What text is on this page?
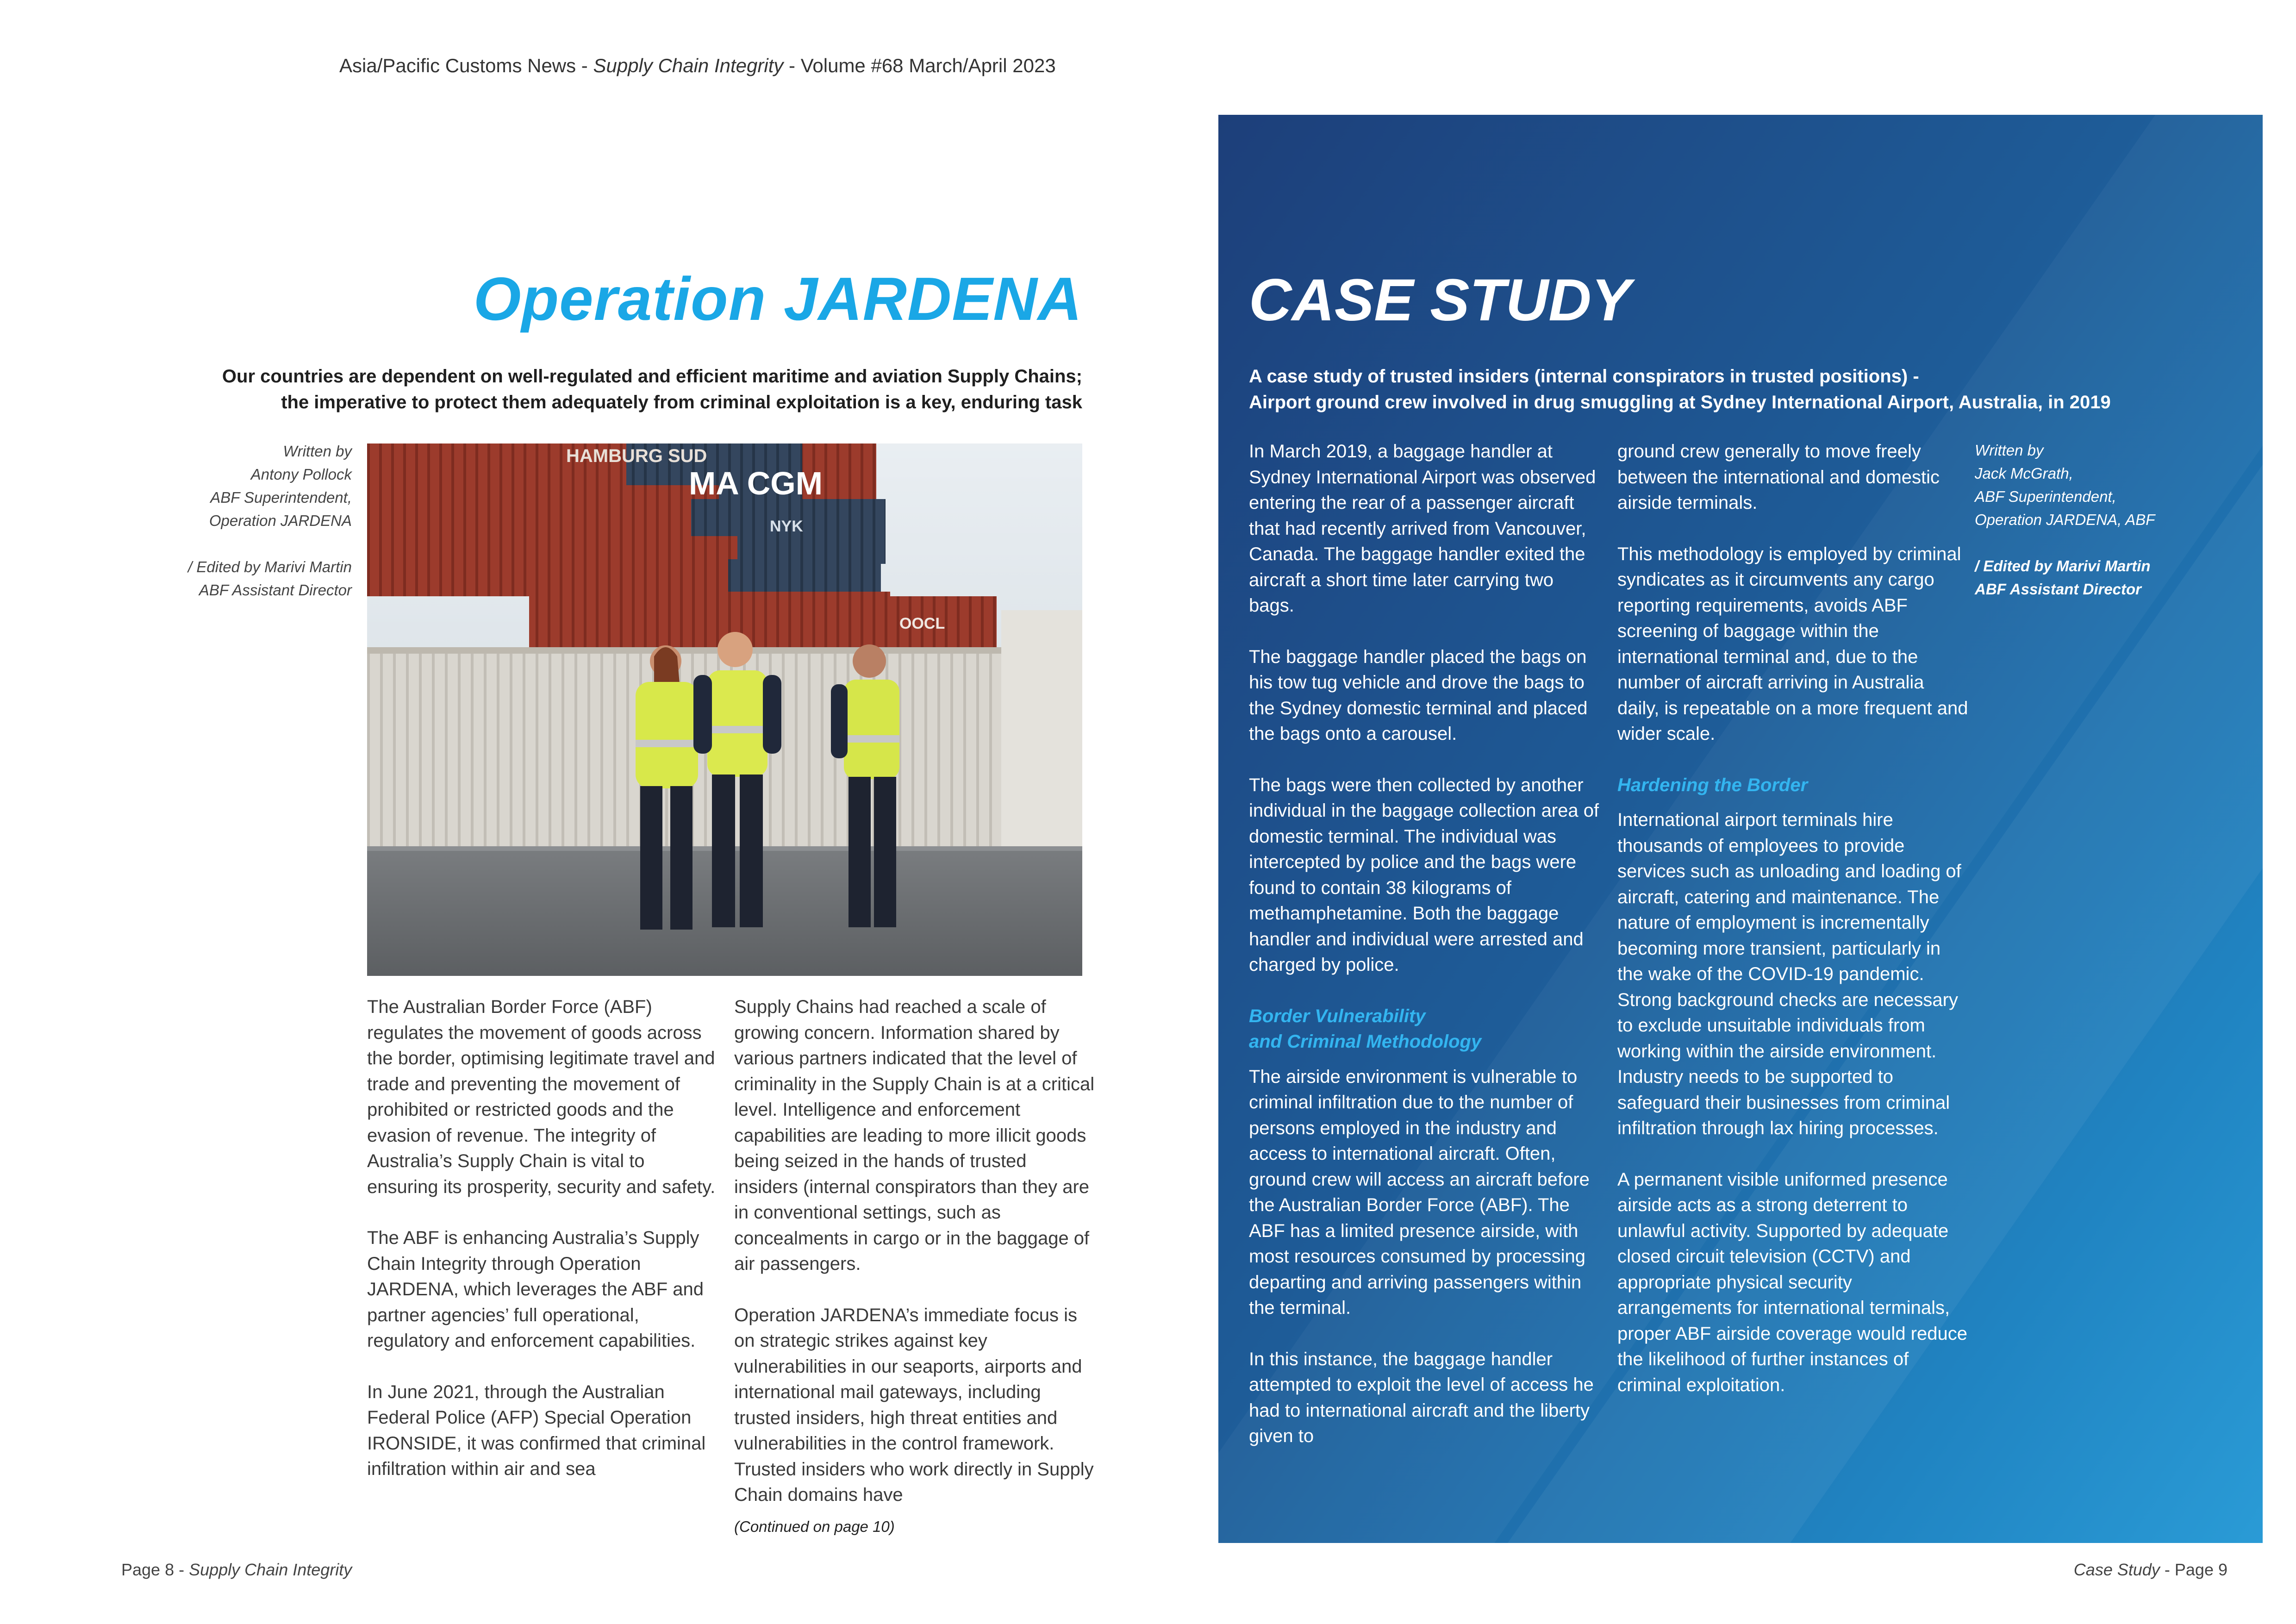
Asia/Pacific Customs News - Supply Chain Integrity - Volume #68 March/April 2023
Operation JARDENA
Our countries are dependent on well-regulated and efficient maritime and aviation Supply Chains;
the imperative to protect them adequately from criminal exploitation is a key, enduring task
Written by
Antony Pollock
ABF Superintendent,
Operation JARDENA
/ Edited by Marivi Martin
ABF Assistant Director
HAMBURG SUD
MA CGM
NYK
OOCL

The Australian Border Force (ABF) regulates the movement of goods across the border, optimising legitimate travel and trade and preventing the movement of prohibited or restricted goods and the evasion of revenue. The integrity of Australia’s Supply Chain is vital to ensuring its prosperity, security and safety.

The ABF is enhancing Australia’s Supply Chain Integrity through Operation JARDENA, which leverages the ABF and partner agencies’ full operational, regulatory and enforcement capabilities.

In June 2021, through the Australian Federal Police (AFP) Special Operation IRONSIDE, it was confirmed that criminal infiltration within air and sea

Supply Chains had reached a scale of growing concern. Information shared by various partners indicated that the level of criminality in the Supply Chain is at a critical level. Intelligence and enforcement capabilities are leading to more illicit goods being seized in the hands of trusted insiders (internal conspirators than they are in conventional settings, such as concealments in cargo or in the baggage of air passengers.

Operation JARDENA’s immediate focus is on strategic strikes against key vulnerabilities in our seaports, airports and international mail gateways, including trusted insiders, high threat entities and vulnerabilities in the control framework. Trusted insiders who work directly in Supply Chain domains have

(Continued on page 10)
Page 8 - Supply Chain Integrity
CASE STUDY
A case study of trusted insiders (internal conspirators in trusted positions) -
Airport ground crew involved in drug smuggling at Sydney International Airport, Australia, in 2019

In March 2019, a baggage handler at Sydney International Airport was observed entering the rear of a passenger aircraft that had recently arrived from Vancouver, Canada. The baggage handler exited the aircraft a short time later carrying two bags.

The baggage handler placed the bags on his tow tug vehicle and drove the bags to the Sydney domestic terminal and placed the bags onto a carousel.

The bags were then collected by another individual in the baggage collection area of domestic terminal. The individual was intercepted by police and the bags were found to contain 38 kilograms of methamphetamine. Both the baggage handler and individual were arrested and charged by police.

Border Vulnerability
and Criminal Methodology

The airside environment is vulnerable to criminal infiltration due to the number of persons employed in the industry and access to international aircraft. Often, ground crew will access an aircraft before the Australian Border Force (ABF). The ABF has a limited presence airside, with most resources consumed by processing departing and arriving passengers within the terminal.

In this instance, the baggage handler attempted to exploit the level of access he had to international aircraft and the liberty given to

ground crew generally to move freely between the international and domestic airside terminals.

This methodology is employed by criminal syndicates as it circumvents any cargo reporting requirements, avoids ABF screening of baggage within the international terminal and, due to the number of aircraft arriving in Australia daily, is repeatable on a more frequent and wider scale.

Hardening the Border

International airport terminals hire thousands of employees to provide services such as unloading and loading of aircraft, catering and maintenance. The nature of employment is incrementally becoming more transient, particularly in the wake of the COVID-19 pandemic. Strong background checks are necessary to exclude unsuitable individuals from working within the airside environment. Industry needs to be supported to safeguard their businesses from criminal infiltration through lax hiring processes.

A permanent visible uniformed presence airside acts as a strong deterrent to unlawful activity. Supported by adequate closed circuit television (CCTV) and appropriate physical security arrangements for international terminals, proper ABF airside coverage would reduce the likelihood of further instances of criminal exploitation.

Written by
Jack McGrath,
ABF Superintendent,
Operation JARDENA, ABF
/ Edited by Marivi Martin
ABF Assistant Director
Case Study - Page 9
